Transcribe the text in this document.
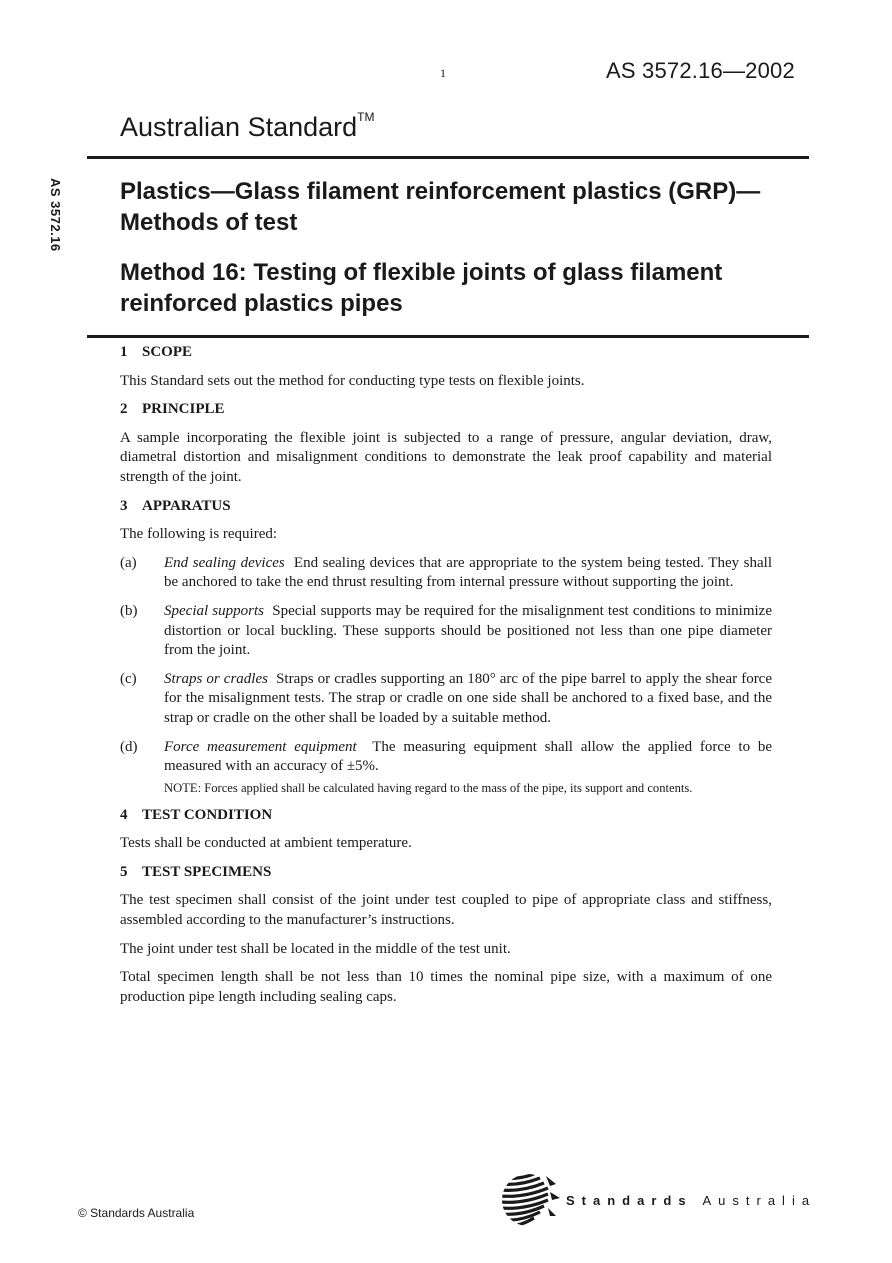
1	AS 3572.16—2002
Australian Standard™
AS 3572.16 Plastics—Glass filament reinforcement plastics (GRP)—Methods of test
Method 16: Testing of flexible joints of glass filament reinforced plastics pipes
1 SCOPE
This Standard sets out the method for conducting type tests on flexible joints.
2 PRINCIPLE
A sample incorporating the flexible joint is subjected to a range of pressure, angular deviation, draw, diametral distortion and misalignment conditions to demonstrate the leak proof capability and material strength of the joint.
3 APPARATUS
The following is required:
(a)	End sealing devices End sealing devices that are appropriate to the system being tested. They shall be anchored to take the end thrust resulting from internal pressure without supporting the joint.
(b)	Special supports Special supports may be required for the misalignment test conditions to minimize distortion or local buckling. These supports should be positioned not less than one pipe diameter from the joint.
(c)	Straps or cradles Straps or cradles supporting an 180° arc of the pipe barrel to apply the shear force for the misalignment tests. The strap or cradle on one side shall be anchored to a fixed base, and the strap or cradle on the other shall be loaded by a suitable method.
(d)	Force measurement equipment The measuring equipment shall allow the applied force to be measured with an accuracy of ±5%.
NOTE: Forces applied shall be calculated having regard to the mass of the pipe, its support and contents.
4 TEST CONDITION
Tests shall be conducted at ambient temperature.
5 TEST SPECIMENS
The test specimen shall consist of the joint under test coupled to pipe of appropriate class and stiffness, assembled according to the manufacturer’s instructions.
The joint under test shall be located in the middle of the test unit.
Total specimen length shall be not less than 10 times the nominal pipe size, with a maximum of one production pipe length including sealing caps.
© Standards Australia
Standards Australia
